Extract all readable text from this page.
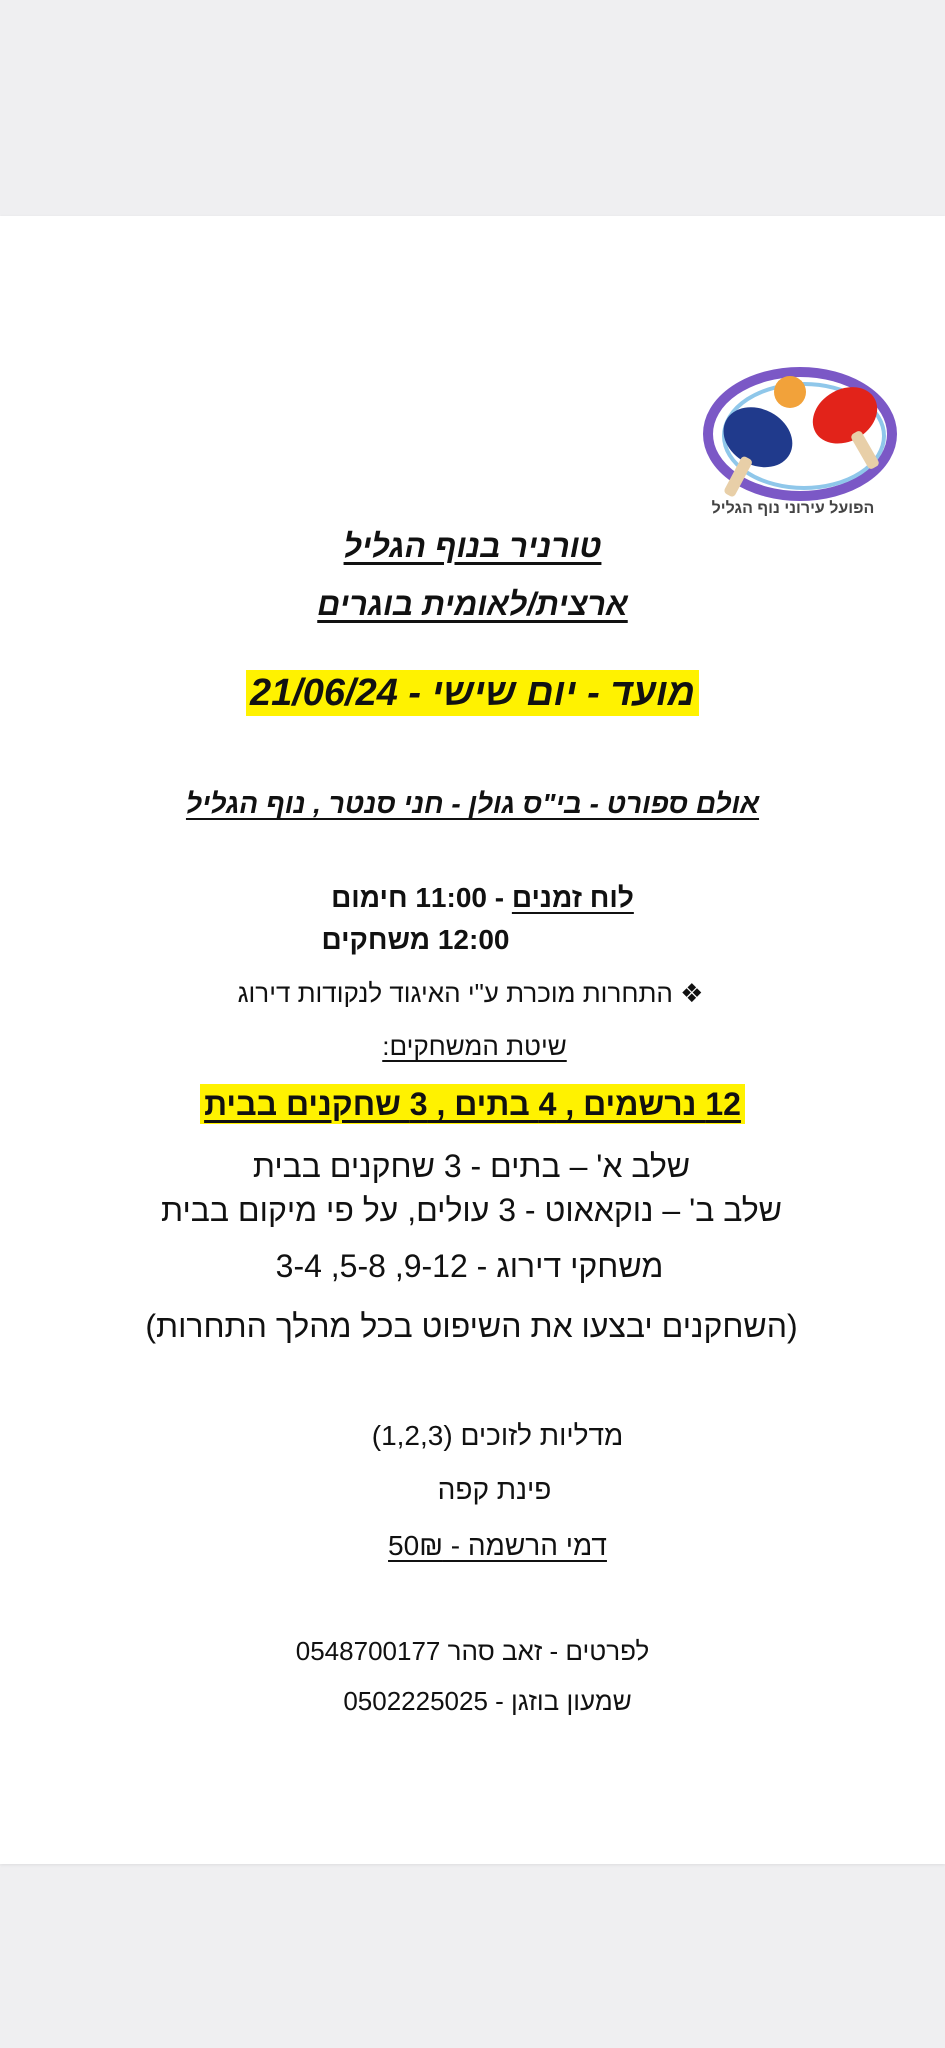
הפועל עירוני נוף הגליל
טורניר בנוף הגליל
ארצית/לאומית בוגרים
מועד - יום שישי - 21/06/24
אולם ספורט - בי"ס גולן - חני סנטר , נוף הגליל
לוח זמנים - 11:00 חימום
12:00 משחקים
❖ התחרות מוכרת ע"י האיגוד לנקודות דירוג
שיטת המשחקים:
12 נרשמים , 4 בתים , 3 שחקנים בבית
שלב א' – בתים - 3 שחקנים בבית
שלב ב' – נוקאאוט - 3 עולים, על פי מיקום בבית
משחקי דירוג - 9-12, 5-8, 3-4
(השחקנים יבצעו את השיפוט בכל מהלך התחרות)
מדליות לזוכים (1,2,3)
פינת קפה
דמי הרשמה - 50₪
לפרטים - זאב סהר 0548700177
שמעון בוזגן - 0502225025
